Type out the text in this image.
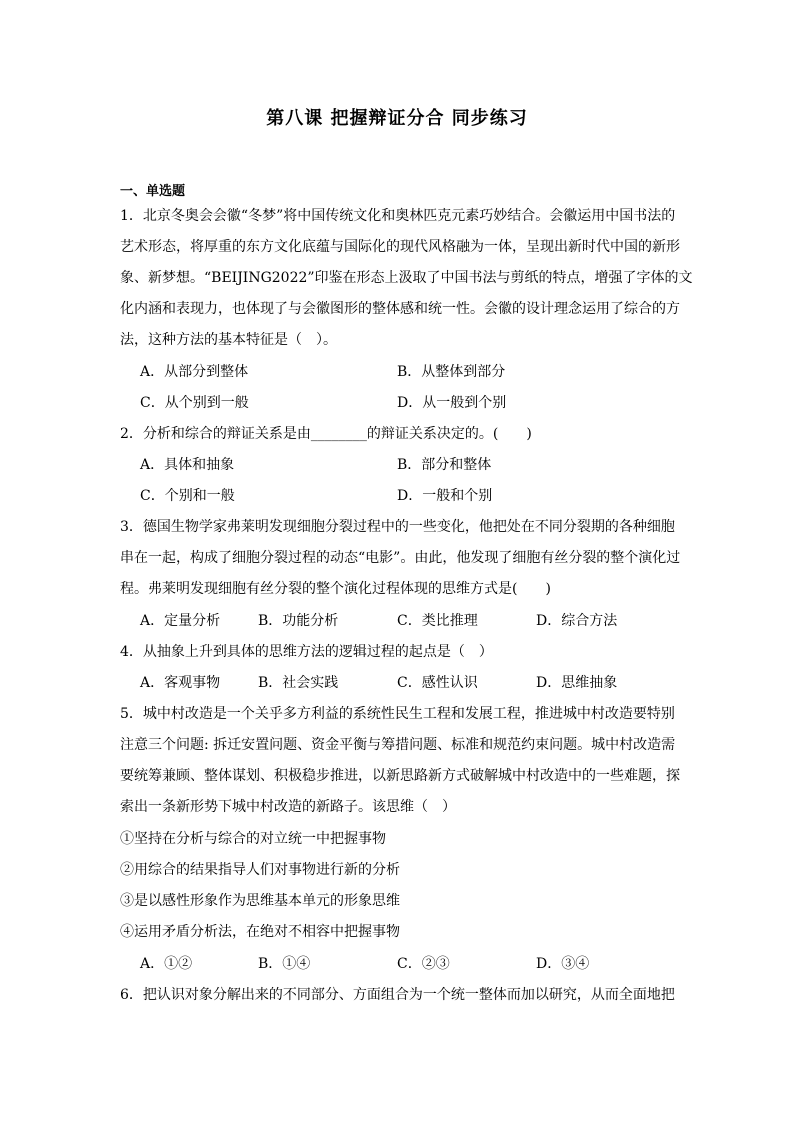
第八课 把握辩证分合 同步练习
一、单选题
1．北京冬奥会会徽“冬梦”将中国传统文化和奥林匹克元素巧妙结合。会徽运用中国书法的
艺术形态，将厚重的东方文化底蕴与国际化的现代风格融为一体，呈现出新时代中国的新形
象、新梦想。“BEIJING2022”印鉴在形态上汲取了中国书法与剪纸的特点，增强了字体的文
化内涵和表现力，也体现了与会徽图形的整体感和统一性。会徽的设计理念运用了综合的方
法，这种方法的基本特征是（　）。
A．从部分到整体	B．从整体到部分
C．从个别到一般	D．从一般到个别
2．分析和综合的辩证关系是由________的辩证关系决定的。(　　)
A．具体和抽象	B．部分和整体
C．个别和一般	D．一般和个别
3．德国生物学家弗莱明发现细胞分裂过程中的一些变化，他把处在不同分裂期的各种细胞
串在一起，构成了细胞分裂过程的动态“电影”。由此，他发现了细胞有丝分裂的整个演化过
程。弗莱明发现细胞有丝分裂的整个演化过程体现的思维方式是(　　)
A．定量分析	B．功能分析	C．类比推理	D．综合方法
4．从抽象上升到具体的思维方法的逻辑过程的起点是（　）
A．客观事物	B．社会实践	C．感性认识	D．思维抽象
5．城中村改造是一个关乎多方利益的系统性民生工程和发展工程，推进城中村改造要特别
注意三个问题: 拆迁安置问题、资金平衡与筹措问题、标准和规范约束问题。城中村改造需
要统筹兼顾、整体谋划、积极稳步推进，以新思路新方式破解城中村改造中的一些难题，探
索出一条新形势下城中村改造的新路子。该思维（　）
①坚持在分析与综合的对立统一中把握事物
②用综合的结果指导人们对事物进行新的分析
③是以感性形象作为思维基本单元的形象思维
④运用矛盾分析法，在绝对不相容中把握事物
A．①②	B．①④	C．②③	D．③④
6．把认识对象分解出来的不同部分、方面组合为一个统一整体而加以研究，从而全面地把
